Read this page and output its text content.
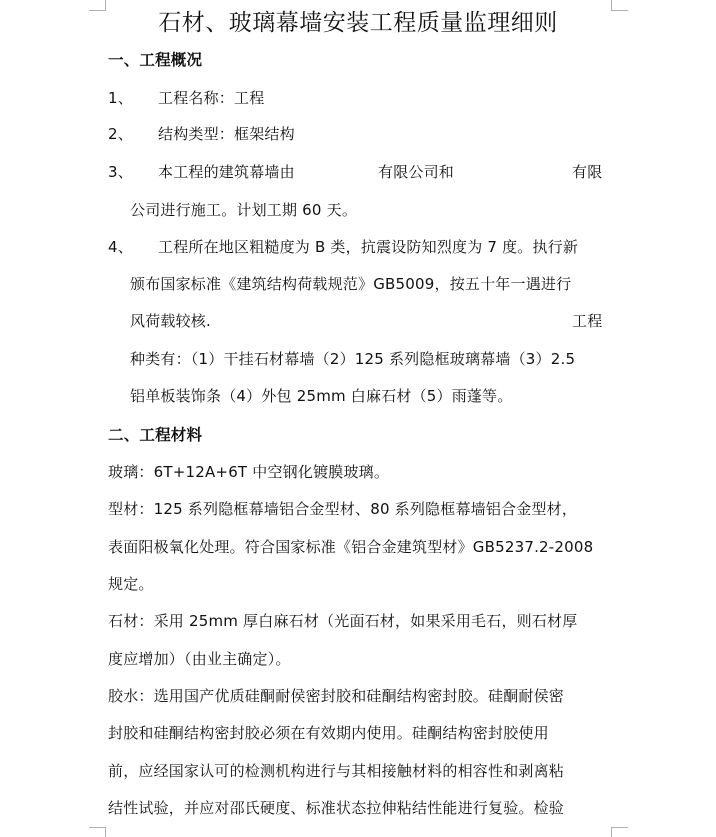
石材、玻璃幕墙安装工程质量监理细则
一、工程概况
1、 工程名称：工程
2、 结构类型：框架结构
3、 本工程的建筑幕墙由	有限公司和	有限
公司进行施工。计划工期 60 天。
4、 工程所在地区粗糙度为 B 类，抗震设防知烈度为 7 度。执行新
颁布国家标准《建筑结构荷载规范》GB5009，按五十年一遇进行
风荷载较核.	工程
种类有：（1）干挂石材幕墙（2）125 系列隐框玻璃幕墙（3）2.5
铝单板装饰条（4）外包 25mm 白麻石材（5）雨蓬等。
二、工程材料
玻璃：6T+12A+6T 中空钢化镀膜玻璃。
型材：125 系列隐框幕墙铝合金型材、80 系列隐框幕墙铝合金型材，
表面阳极氧化处理。符合国家标准《铝合金建筑型材》GB5237.2-2008
规定。
石材：采用 25mm 厚白麻石材（光面石材，如果采用毛石，则石材厚
度应增加）（由业主确定）。
胶水：选用国产优质硅酮耐侯密封胶和硅酮结构密封胶。硅酮耐侯密
封胶和硅酮结构密封胶必须在有效期内使用。硅酮结构密封胶使用
前，应经国家认可的检测机构进行与其相接触材料的相容性和剥离粘
结性试验，并应对邵氏硬度、标准状态拉伸粘结性能进行复验。检验
